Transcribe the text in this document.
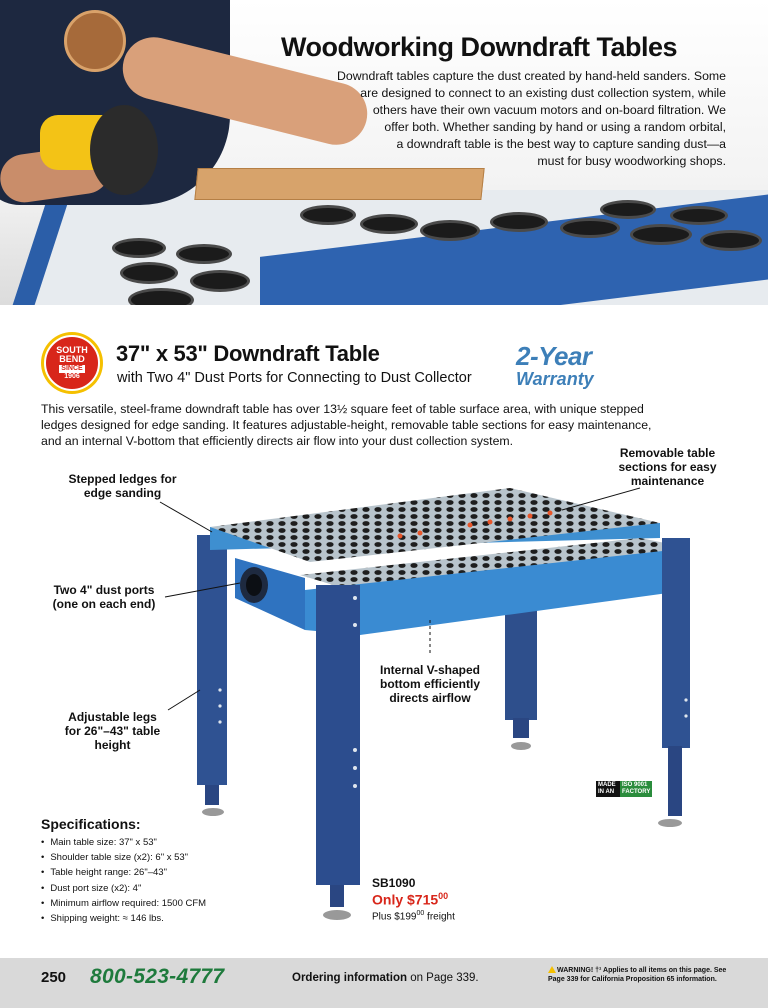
Woodworking Downdraft Tables
Downdraft tables capture the dust created by hand-held sanders. Some
are designed to connect to an existing dust collection system, while
others have their own vacuum motors and on-board filtration. We
offer both. Whether sanding by hand or using a random orbital,
a downdraft table is the best way to capture sanding dust—a
must for busy woodworking shops.
SOUTH
BEND
SINCE
1906
37" x 53" Downdraft Table
with Two 4" Dust Ports for Connecting to Dust Collector
2-Year
Warranty
This versatile, steel-frame downdraft table has over 13½ square feet of table surface area, with unique stepped
ledges designed for edge sanding. It features adjustable-height, removable table sections for easy maintenance,
and an internal V-bottom that efficiently directs air flow into your dust collection system.
Stepped ledges for
edge sanding
Removable table
sections for easy
maintenance
Two 4" dust ports
(one on each end)
Internal V-shaped
bottom efficiently
directs airflow
Adjustable legs
for 26"–43" table
height
MADE IN AN
ISO 9001 FACTORY
Specifications:
• Main table size: 37" x 53"
• Shoulder table size (x2): 6" x 53"
• Table height range: 26"–43"
• Dust port size (x2): 4"
• Minimum airflow required: 1500 CFM
• Shipping weight: ≈ 146 lbs.
SB1090
Only $\$715^{00}$
Plus $\$199^{00}$ freight
250 800-523-4777	Ordering information on Page 339.
WARNING! †¹ Applies to all items on this page. See Page 339 for California Proposition 65 information.
